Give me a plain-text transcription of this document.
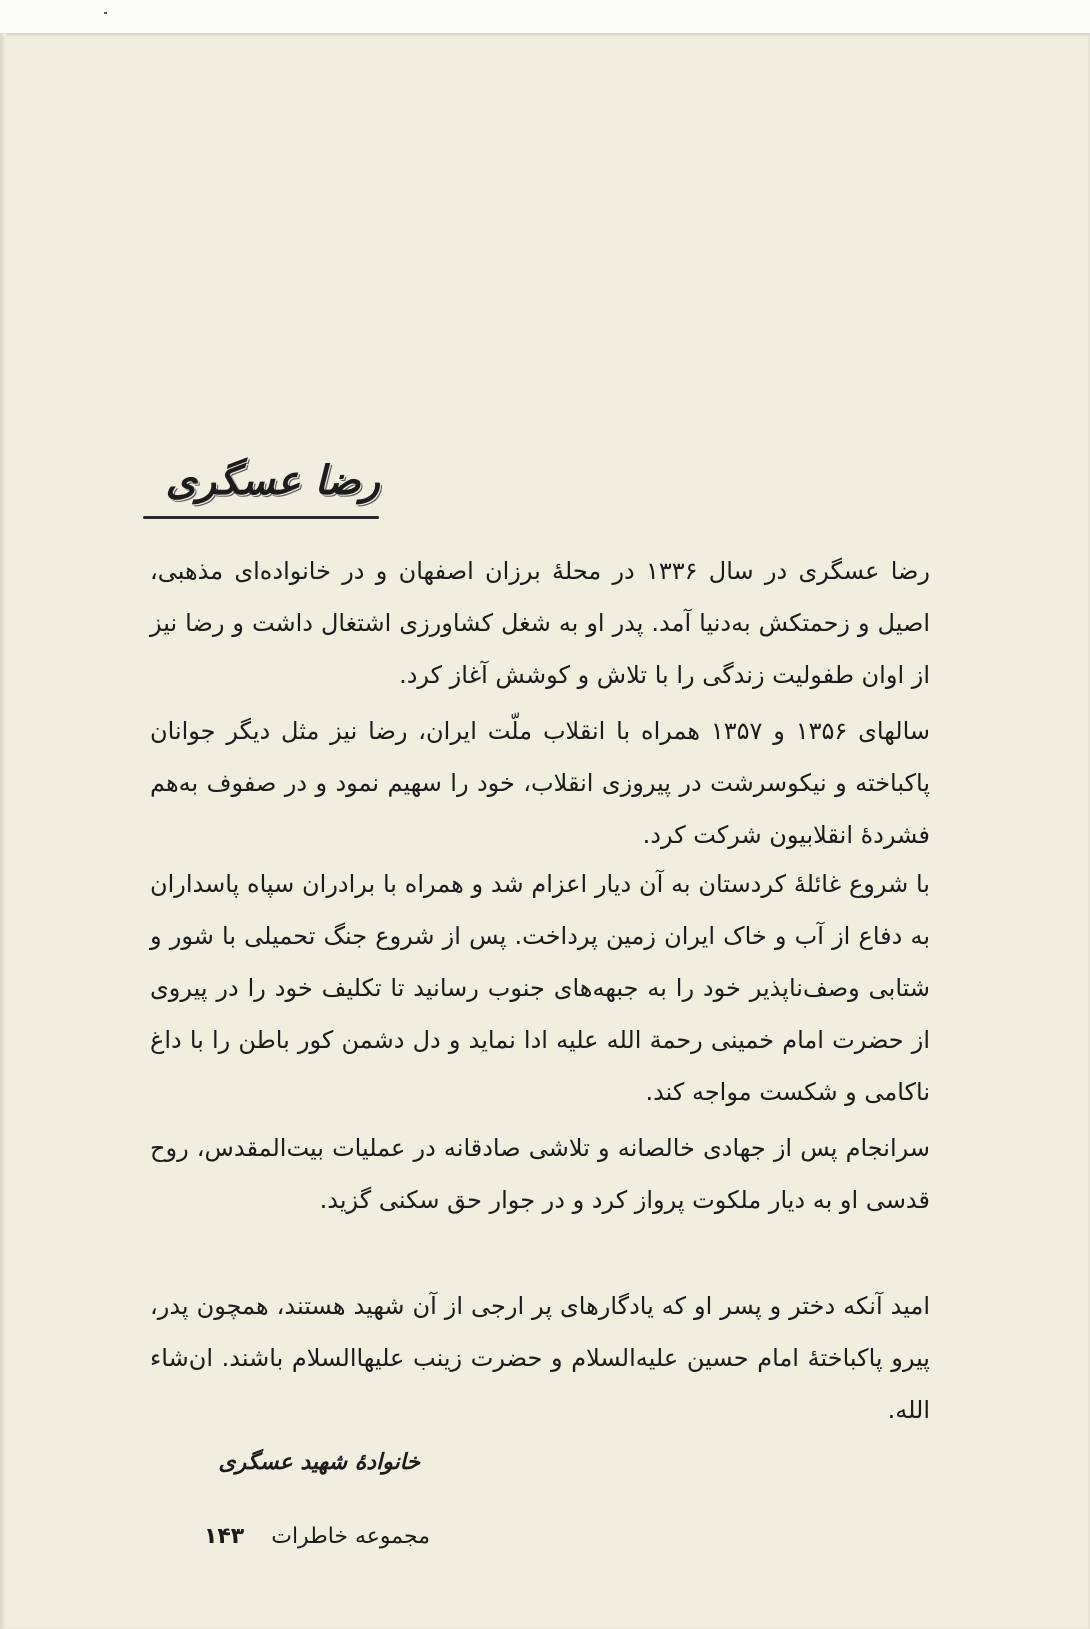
رضا عسگری

رضا عسگری در سال ۱۳۳۶ در محلهٔ برزان اصفهان و در خانواده‌ای مذهبی، اصیل و زحمتکش به‌دنیا آمد. پدر او به شغل کشاورزی اشتغال داشت و رضا نیز از اوان طفولیت زندگی را با تلاش و کوشش آغاز کرد.

سالهای ۱۳۵۶ و ۱۳۵۷ همراه با انقلاب ملّت ایران، رضا نیز مثل دیگر جوانان پاکباخته و نیکوسرشت در پیروزی انقلاب، خود را سهیم نمود و در صفوف به‌هم فشردهٔ انقلابیون شرکت کرد.

با شروع غائلهٔ کردستان به آن دیار اعزام شد و همراه با برادران سپاه پاسداران به دفاع از آب و خاک ایران زمین پرداخت. پس از شروع جنگ تحمیلی با شور و شتابی وصف‌ناپذیر خود را به جبهه‌های جنوب رسانید تا تکلیف خود را در پیروی از حضرت امام خمینی رحمة الله علیه ادا نماید و دل دشمن کور باطن را با داغ ناکامی و شکست مواجه کند.

سرانجام پس از جهادی خالصانه و تلاشی صادقانه در عملیات بیت‌المقدس، روح قدسی او به دیار ملکوت پرواز کرد و در جوار حق سکنی گزید.

امید آنکه دختر و پسر او که یادگارهای پر ارجی از آن شهید هستند، همچون پدر، پیرو پاکباختهٔ امام حسین علیه‌السلام و حضرت زینب علیهاالسلام باشند. ان‌شاء الله.

خانوادهٔ شهید عسگری
مجموعه خاطرات ۱۴۳
